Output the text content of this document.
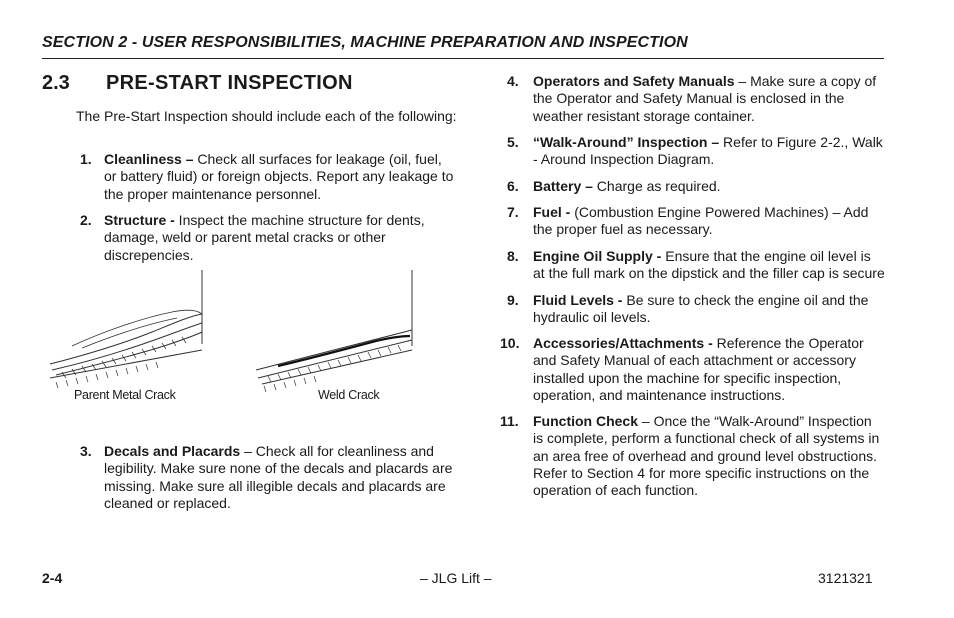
SECTION 2 - USER RESPONSIBILITIES, MACHINE PREPARATION AND INSPECTION
2.3 PRE-START INSPECTION
The Pre-Start Inspection should include each of the following:
1. Cleanliness – Check all surfaces for leakage (oil, fuel, or battery fluid) or foreign objects. Report any leakage to the proper maintenance personnel.
2. Structure - Inspect the machine structure for dents, damage, weld or parent metal cracks or other discrepencies.
Parent Metal Crack	Weld Crack
3. Decals and Placards – Check all for cleanliness and legibility. Make sure none of the decals and placards are missing. Make sure all illegible decals and placards are cleaned or replaced.
4. Operators and Safety Manuals – Make sure a copy of the Operator and Safety Manual is enclosed in the weather resistant storage container.
5. “Walk-Around” Inspection – Refer to Figure 2-2., Walk - Around Inspection Diagram.
6. Battery – Charge as required.
7. Fuel - (Combustion Engine Powered Machines) – Add the proper fuel as necessary.
8. Engine Oil Supply - Ensure that the engine oil level is at the full mark on the dipstick and the filler cap is secure
9. Fluid Levels - Be sure to check the engine oil and the hydraulic oil levels.
10. Accessories/Attachments - Reference the Operator and Safety Manual of each attachment or accessory installed upon the machine for specific inspection, operation, and maintenance instructions.
11. Function Check – Once the “Walk-Around” Inspection is complete, perform a functional check of all systems in an area free of overhead and ground level obstructions. Refer to Section 4 for more specific instructions on the operation of each function.
2-4	– JLG Lift –	3121321
